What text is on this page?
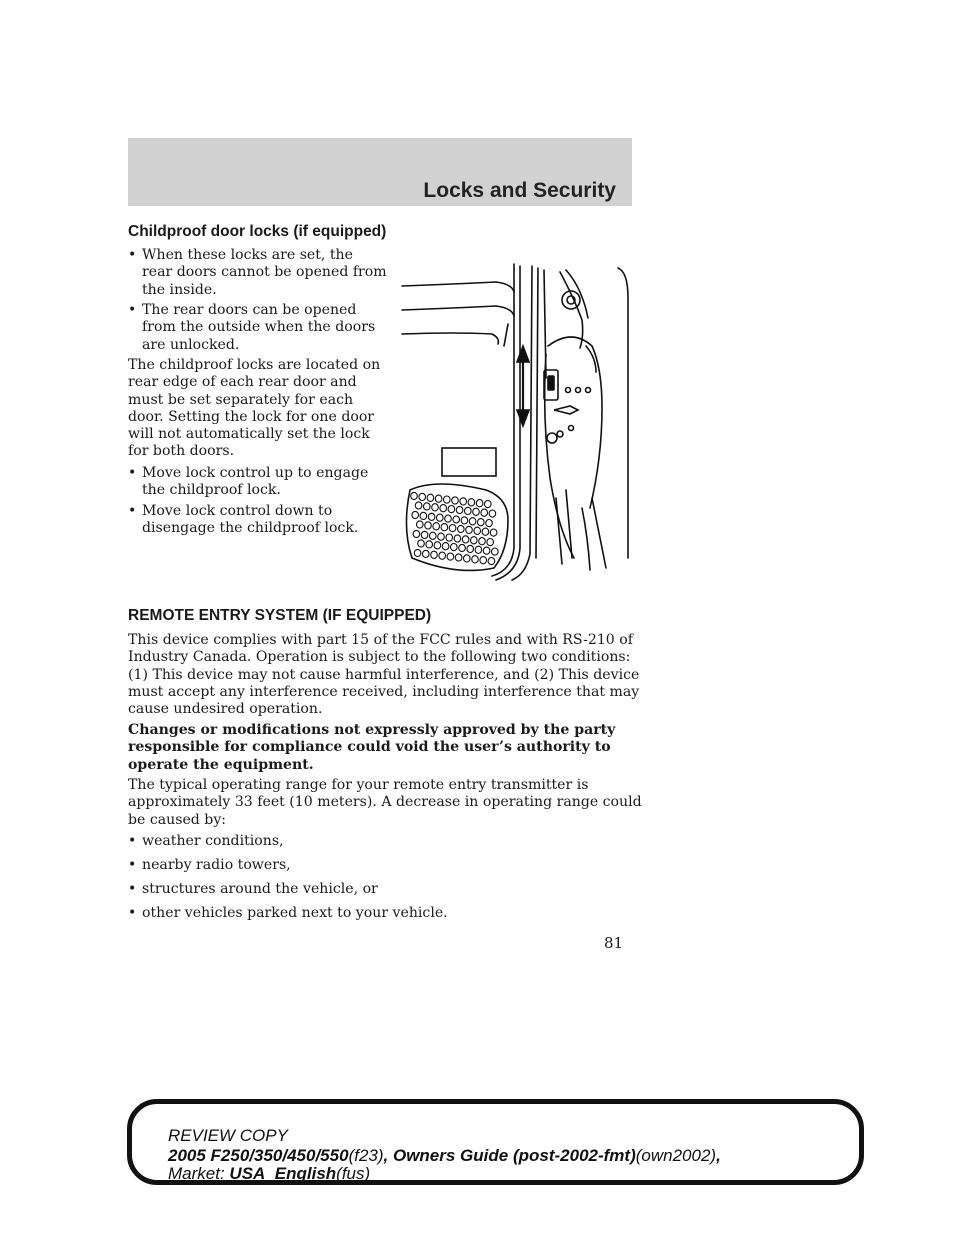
Locks and Security
Childproof door locks (if equipped)
• When these locks are set, the
rear doors cannot be opened from
the inside.
• The rear doors can be opened
from the outside when the doors
are unlocked.
The childproof locks are located on
rear edge of each rear door and
must be set separately for each
door. Setting the lock for one door
will not automatically set the lock
for both doors.
• Move lock control up to engage
the childproof lock.
• Move lock control down to
disengage the childproof lock.
REMOTE ENTRY SYSTEM (IF EQUIPPED)
This device complies with part 15 of the FCC rules and with RS-210 of
Industry Canada. Operation is subject to the following two conditions:
(1) This device may not cause harmful interference, and (2) This device
must accept any interference received, including interference that may
cause undesired operation.
Changes or modifications not expressly approved by the party
responsible for compliance could void the user’s authority to
operate the equipment.
The typical operating range for your remote entry transmitter is
approximately 33 feet (10 meters). A decrease in operating range could
be caused by:
• weather conditions,
• nearby radio towers,
• structures around the vehicle, or
• other vehicles parked next to your vehicle.
81
REVIEW COPY
2005 F250/350/450/550(f23), Owners Guide (post-2002-fmt)(own2002),
Market: USA_English(fus)
